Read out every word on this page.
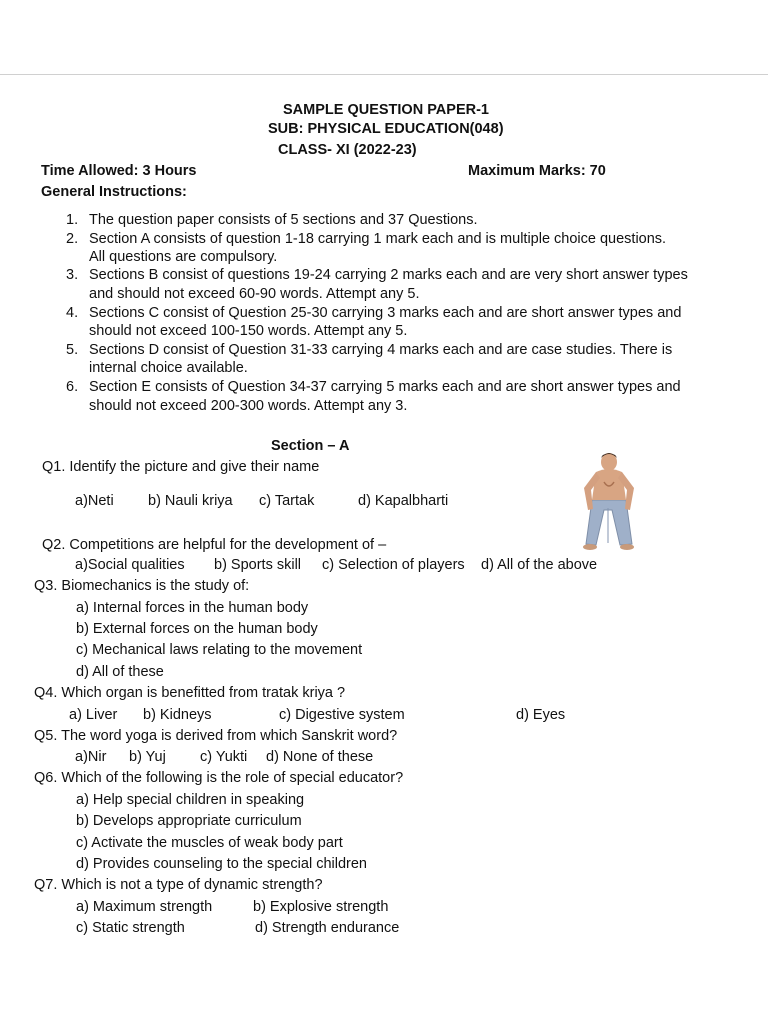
SAMPLE QUESTION PAPER-1
SUB: PHYSICAL EDUCATION(048)
CLASS- XI (2022-23)
Time Allowed: 3 Hours	Maximum Marks: 70
General Instructions:
1. The question paper consists of 5 sections and 37 Questions.
2. Section A consists of question 1-18 carrying 1 mark each and is multiple choice questions.
All questions are compulsory.
3. Sections B consist of questions 19-24 carrying 2 marks each and are very short answer types
and should not exceed 60-90 words. Attempt any 5.
4. Sections C consist of Question 25-30 carrying 3 marks each and are short answer types and
should not exceed 100-150 words. Attempt any 5.
5. Sections D consist of Question 31-33 carrying 4 marks each and are case studies. There is
internal choice available.
6. Section E consists of Question 34-37 carrying 5 marks each and are short answer types and
should not exceed 200-300 words. Attempt any 3.
Section – A
Q1. Identify the picture and give their name
a)Neti b) Nauli kriya c) Tartak	d) Kapalbharti
Q2. Competitions are helpful for the development of –
a)Social qualities b) Sports skill c) Selection of players d) All of the above
Q3. Biomechanics is the study of:
a) Internal forces in the human body
b) External forces on the human body
c) Mechanical laws relating to the movement
d) All of these
Q4. Which organ is benefitted from tratak kriya ?
a) Liver b) Kidneys	c) Digestive system	d) Eyes
Q5. The word yoga is derived from which Sanskrit word?
a)Nir b) Yuj c) Yukti d) None of these
Q6. Which of the following is the role of special educator?
a) Help special children in speaking
b) Develops appropriate curriculum
c) Activate the muscles of weak body part
d) Provides counseling to the special children
Q7. Which is not a type of dynamic strength?
a) Maximum strength	b) Explosive strength
c) Static strength	d) Strength endurance
